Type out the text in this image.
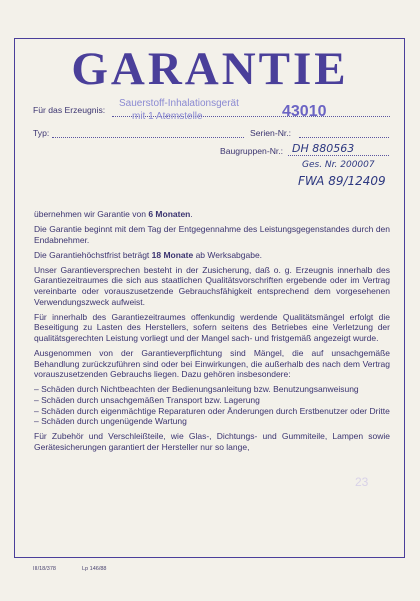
GARANTIE
Für das Erzeugnis:
Sauerstoff-Inhalationsgerät
mit 1 Atemstelle	43010
Typ:	Serien-Nr.:
Baugruppen-Nr.: DH 880563
Ges. Nr. 200007
FWA 89/12409

übernehmen wir Garantie von 6 Monaten.

Die Garantie beginnt mit dem Tag der Entgegennahme des Leistungsgegenstandes durch den Endabnehmer.

Die Garantiehöchstfrist beträgt 18 Monate ab Werksabgabe.

Unser Garantieversprechen besteht in der Zusicherung, daß o. g. Erzeugnis innerhalb des Garantiezeitraumes die sich aus staatlichen Qualitätsvorschriften ergebende oder im Vertrag vereinbarte oder vorauszusetzende Gebrauchsfähigkeit entsprechend dem vorgesehenen Verwendungszweck aufweist.

Für innerhalb des Garantiezeitraumes offenkundig werdende Qualitätsmängel erfolgt die Beseitigung zu Lasten des Herstellers, sofern seitens des Betriebes eine Verletzung der qualitätsgerechten Leistung vorliegt und der Mangel sach- und fristgemäß angezeigt wurde.

Ausgenommen von der Garantieverpflichtung sind Mängel, die auf unsachgemäße Behandlung zurückzuführen sind oder bei Einwirkungen, die außerhalb des nach dem Vertrag vorauszusetzenden Gebrauchs liegen. Dazu gehören insbesondere:

– Schäden durch Nichtbeachten der Bedienungsanleitung bzw. Benutzungsanweisung
– Schäden durch unsachgemäßen Transport bzw. Lagerung
– Schäden durch eigenmächtige Reparaturen oder Änderungen durch Erstbenutzer oder Dritte
– Schäden durch ungenügende Wartung

Für Zubehör und Verschleißteile, wie Glas-, Dichtungs- und Gummiteile, Lampen sowie Gerätesicherungen garantiert der Hersteller nur so lange,

23
III/18/378	Lp 146/88
